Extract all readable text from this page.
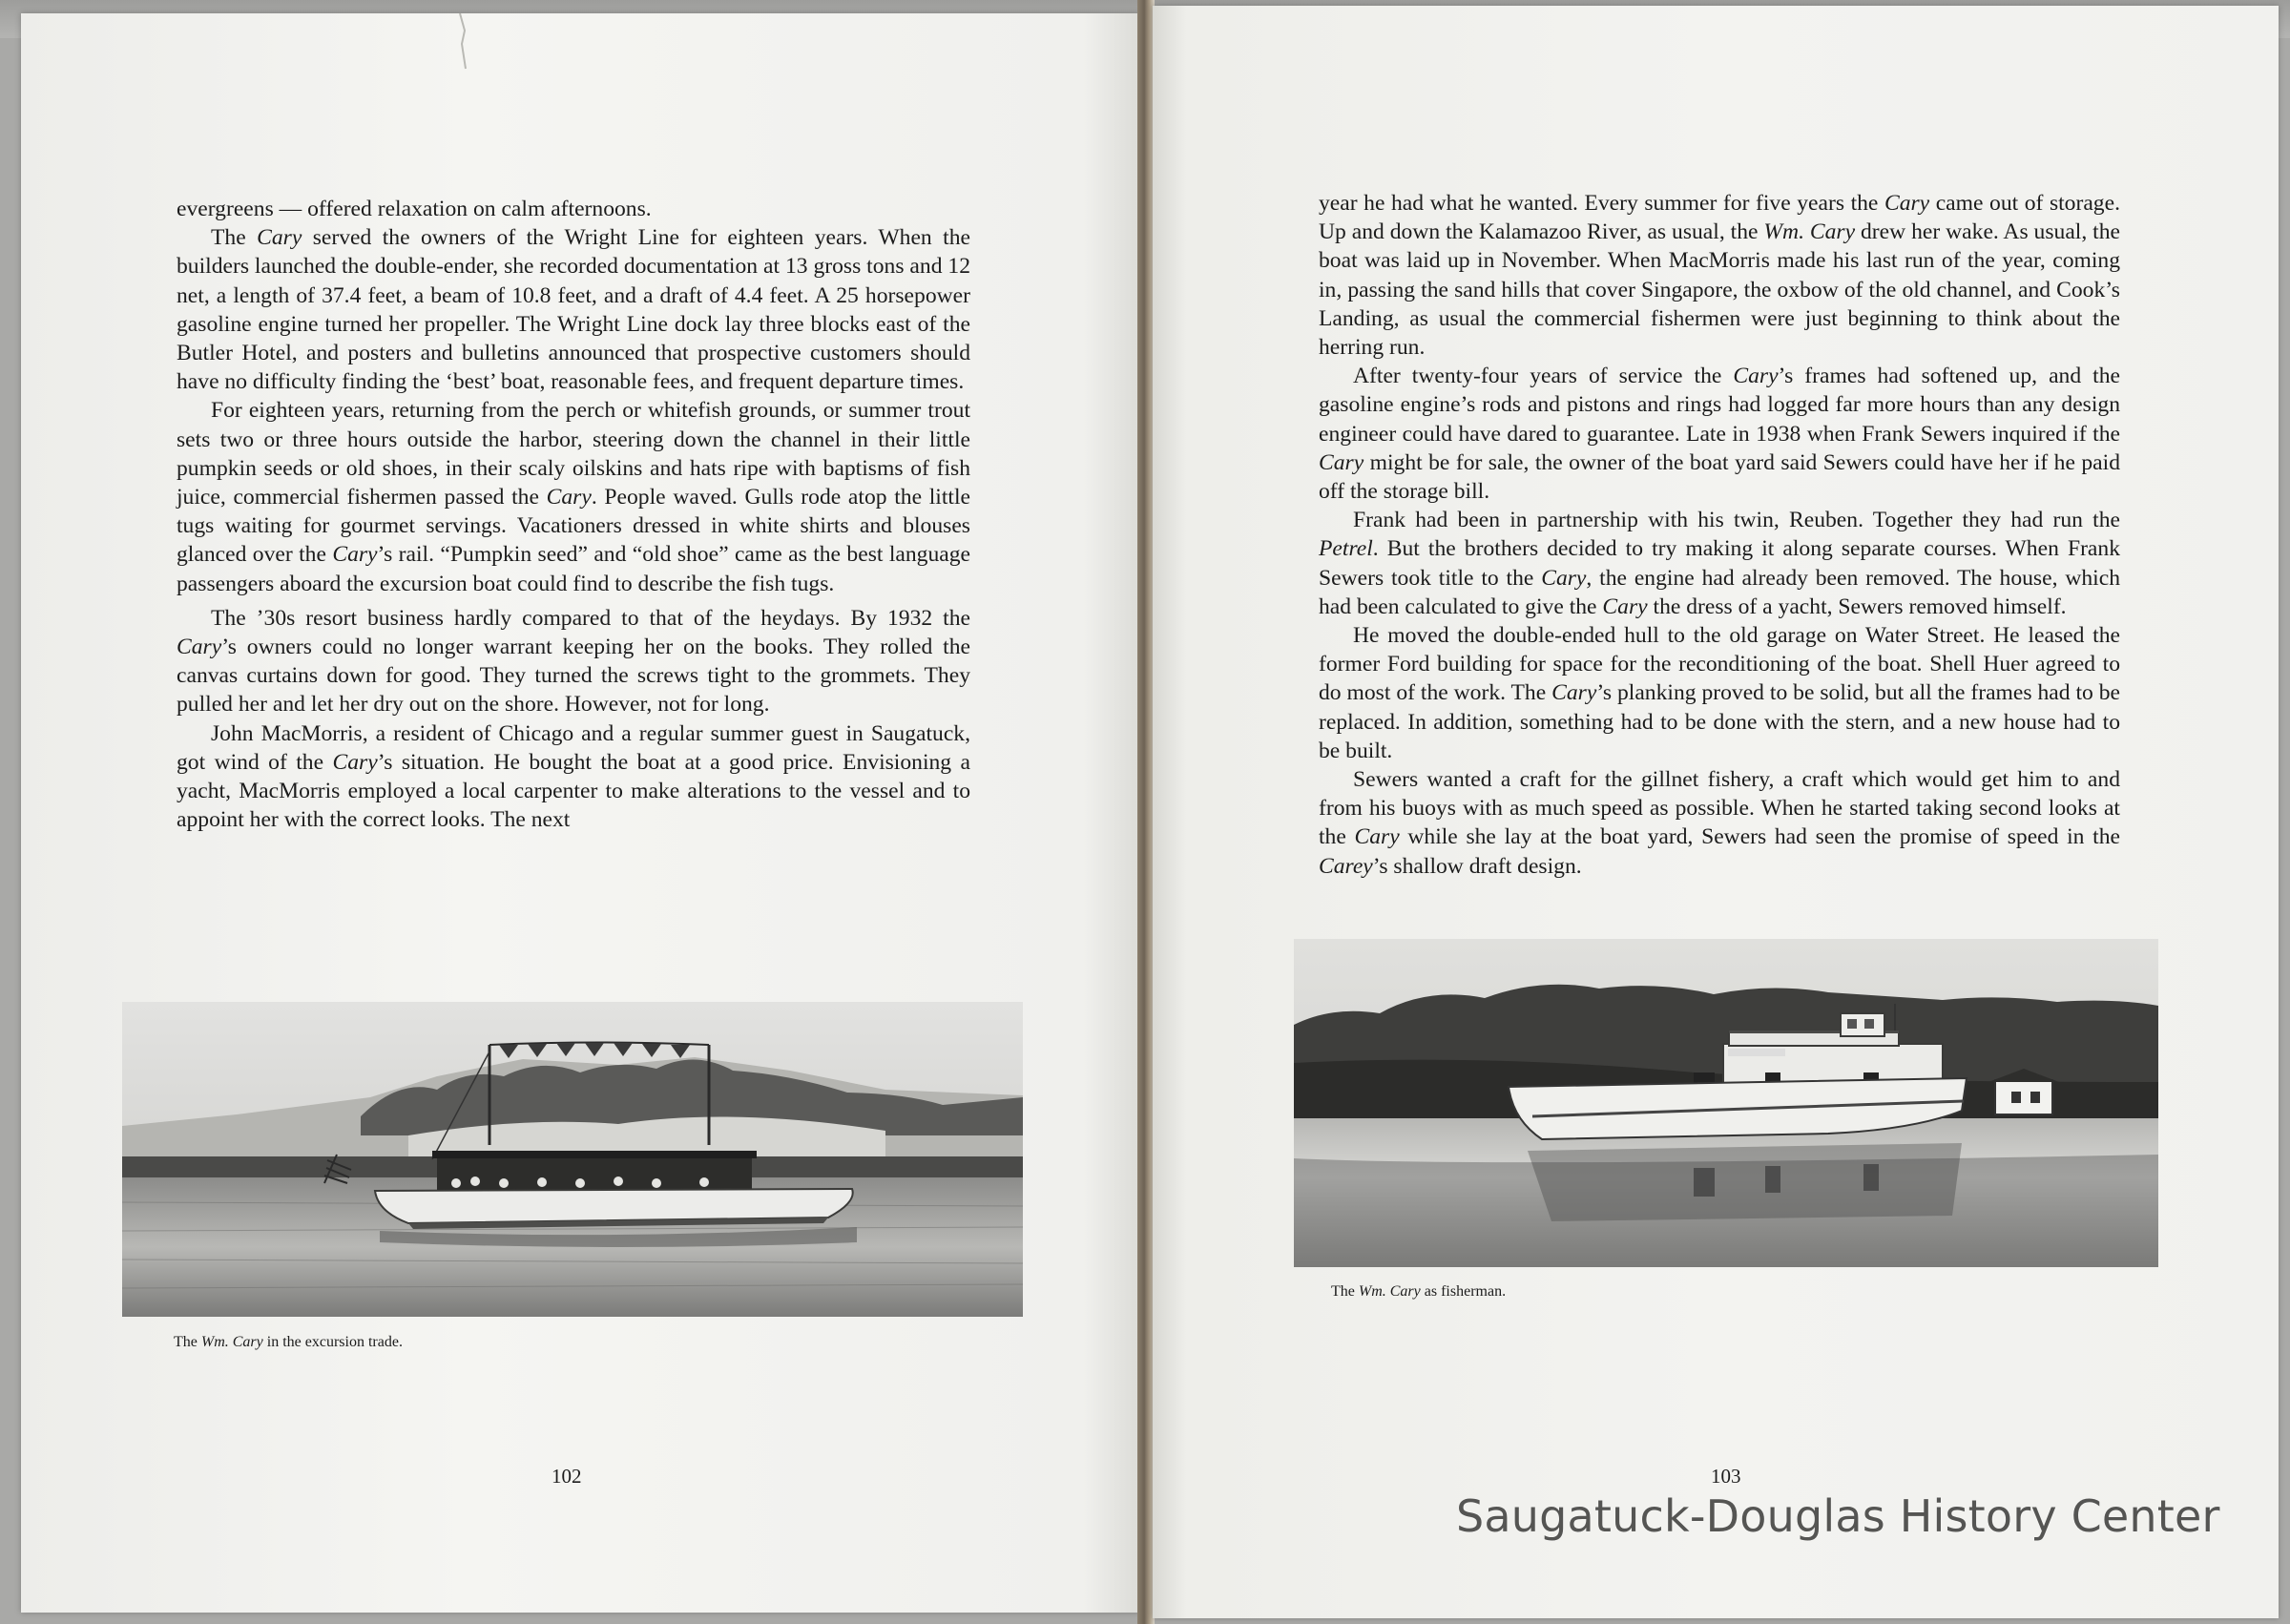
evergreens — offered relaxation on calm afternoons.

The Cary served the owners of the Wright Line for eighteen years. When the builders launched the double-ender, she recorded documentation at 13 gross tons and 12 net, a length of 37.4 feet, a beam of 10.8 feet, and a draft of 4.4 feet. A 25 horsepower gasoline engine turned her propeller. The Wright Line dock lay three blocks east of the Butler Hotel, and posters and bulletins announced that prospective customers should have no difficulty finding the ‘best’ boat, reasonable fees, and frequent departure times.

For eighteen years, returning from the perch or whitefish grounds, or summer trout sets two or three hours outside the harbor, steering down the channel in their little pumpkin seeds or old shoes, in their scaly oilskins and hats ripe with baptisms of fish juice, commercial fishermen passed the Cary. People waved. Gulls rode atop the little tugs waiting for gourmet servings. Vacationers dressed in white shirts and blouses glanced over the Cary’s rail. “Pumpkin seed” and “old shoe” came as the best language passengers aboard the excursion boat could find to describe the fish tugs.

The ’30s resort business hardly compared to that of the heydays. By 1932 the Cary’s owners could no longer warrant keeping her on the books. They rolled the canvas curtains down for good. They turned the screws tight to the grommets. They pulled her and let her dry out on the shore. However, not for long.

John MacMorris, a resident of Chicago and a regular summer guest in Saugatuck, got wind of the Cary’s situation. He bought the boat at a good price. Envisioning a yacht, MacMorris employed a local carpenter to make alterations to the vessel and to appoint her with the correct looks. The next

The Wm. Cary in the excursion trade.
102

year he had what he wanted. Every summer for five years the Cary came out of storage. Up and down the Kalamazoo River, as usual, the Wm. Cary drew her wake. As usual, the boat was laid up in November. When MacMorris made his last run of the year, coming in, passing the sand hills that cover Singapore, the oxbow of the old channel, and Cook’s Landing, as usual the commercial fishermen were just beginning to think about the herring run.

After twenty-four years of service the Cary’s frames had softened up, and the gasoline engine’s rods and pistons and rings had logged far more hours than any design engineer could have dared to guarantee. Late in 1938 when Frank Sewers inquired if the Cary might be for sale, the owner of the boat yard said Sewers could have her if he paid off the storage bill.

Frank had been in partnership with his twin, Reuben. Together they had run the Petrel. But the brothers decided to try making it along separate courses. When Frank Sewers took title to the Cary, the engine had already been removed. The house, which had been calculated to give the Cary the dress of a yacht, Sewers removed himself.

He moved the double-ended hull to the old garage on Water Street. He leased the former Ford building for space for the reconditioning of the boat. Shell Huer agreed to do most of the work. The Cary’s planking proved to be solid, but all the frames had to be replaced. In addition, something had to be done with the stern, and a new house had to be built.

Sewers wanted a craft for the gillnet fishery, a craft which would get him to and from his buoys with as much speed as possible. When he started taking second looks at the Cary while she lay at the boat yard, Sewers had seen the promise of speed in the Carey’s shallow draft design.

The Wm. Cary as fisherman.
103
Saugatuck-Douglas History Center
